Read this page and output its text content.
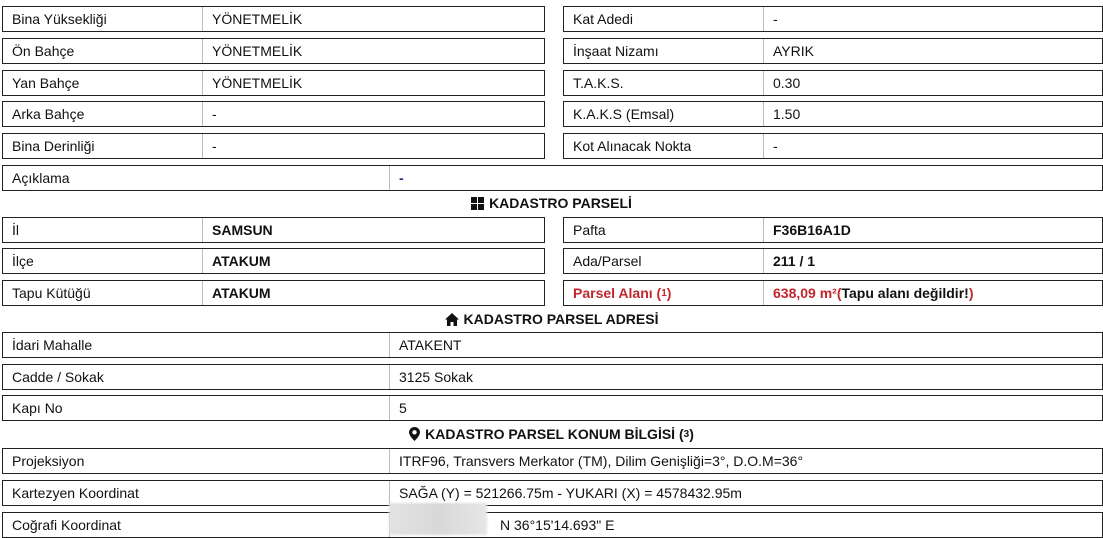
Bina Yüksekliği	YÖNETMELİK
Ön Bahçe	YÖNETMELİK
Yan Bahçe	YÖNETMELİK
Arka Bahçe	-
Bina Derinliği	-
Kat Adedi	-
İnşaat Nizamı	AYRIK
T.A.K.S.	0.30
K.A.K.S (Emsal)	1.50
Kot Alınacak Nokta	-
Açıklama	-
KADASTRO PARSELİ
İl	SAMSUN
İlçe	ATAKUM
Tapu Kütüğü	ATAKUM
Pafta	F36B16A1D
Ada/Parsel	211 / 1
Parsel Alanı ( 1 )	638,09 m² ( Tapu alanı değildir! )
KADASTRO PARSEL ADRESİ
İdari Mahalle	ATAKENT
Cadde / Sokak	3125 Sokak
Kapı No	5
KADASTRO PARSEL KONUM BİLGİSİ ( 3 )
Projeksiyon	ITRF96, Transvers Merkator (TM), Dilim Genişliği=3°, D.O.M=36°
Kartezyen Koordinat	SAĞA (Y) = 521266.75m - YUKARI (X) = 4578432.95m
Coğrafi Koordinat	N 36°15'14.693" E
